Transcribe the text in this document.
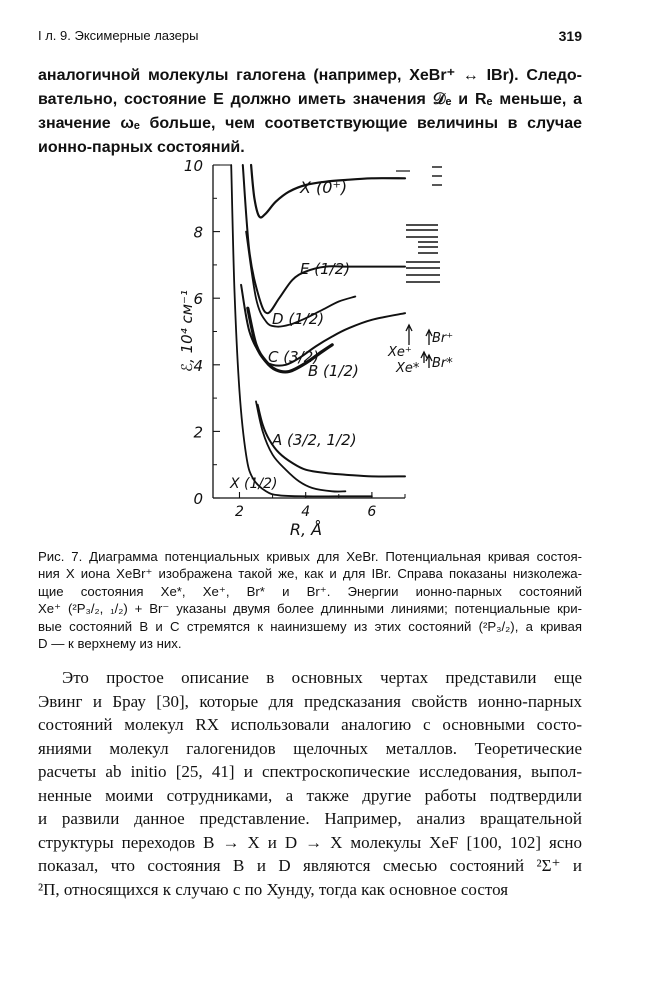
I л. 9. Эксимерные лазеры	319
аналогичной молекулы галогена (например, XeBr⁺ ↔ IBr). Следо-
вательно, состояние E должно иметь значения 𝒟ₑ и Rₑ меньше, а
значение ωₑ больше, чем соответствующие величины в случае
ионно-парных состояний.
0
2
4
6
8
10
2	4	6
R, Å
ℰ, 10⁴ см⁻¹
X (0⁺)
E (1/2)
D (1/2)
C (3/2)
B (1/2)
A (3/2, 1/2)
X (1/2)
Xe⁺
Xe*
Br⁺
Br*
Рис. 7. Диаграмма потенциальных кривых для XeBr. Потенциальная кривая состоя-
ния X иона XeBr⁺ изображена такой же, как и для IBr. Справа показаны низколежа-
щие состояния Xe*, Xe⁺, Br* и Br⁺. Энергии ионно-парных состояний
Xe⁺ (²P₃/₂, ₁/₂) + Br⁻ указаны двумя более длинными линиями; потенциальные кри-
вые состояний B и C стремятся к наинизшему из этих состояний (²P₃/₂), а кривая
D — к верхнему из них.
Это простое описание в основных чертах представили еще
Эвинг и Брау [30], которые для предсказания свойств ионно-парных
состояний молекул RX использовали аналогию с основными состо-
яниями молекул галогенидов щелочных металлов. Теоретические
расчеты ab initio [25, 41] и спектроскопические исследования, выпол-
ненные моими сотрудниками, а также другие работы подтвердили
и развили данное представление. Например, анализ вращательной
структуры переходов B → X и D → X молекулы XeF [100, 102] ясно
показал, что состояния B и D являются смесью состояний ²Σ⁺ и
²П, относящихся к случаю c по Хунду, тогда как основное состоя
